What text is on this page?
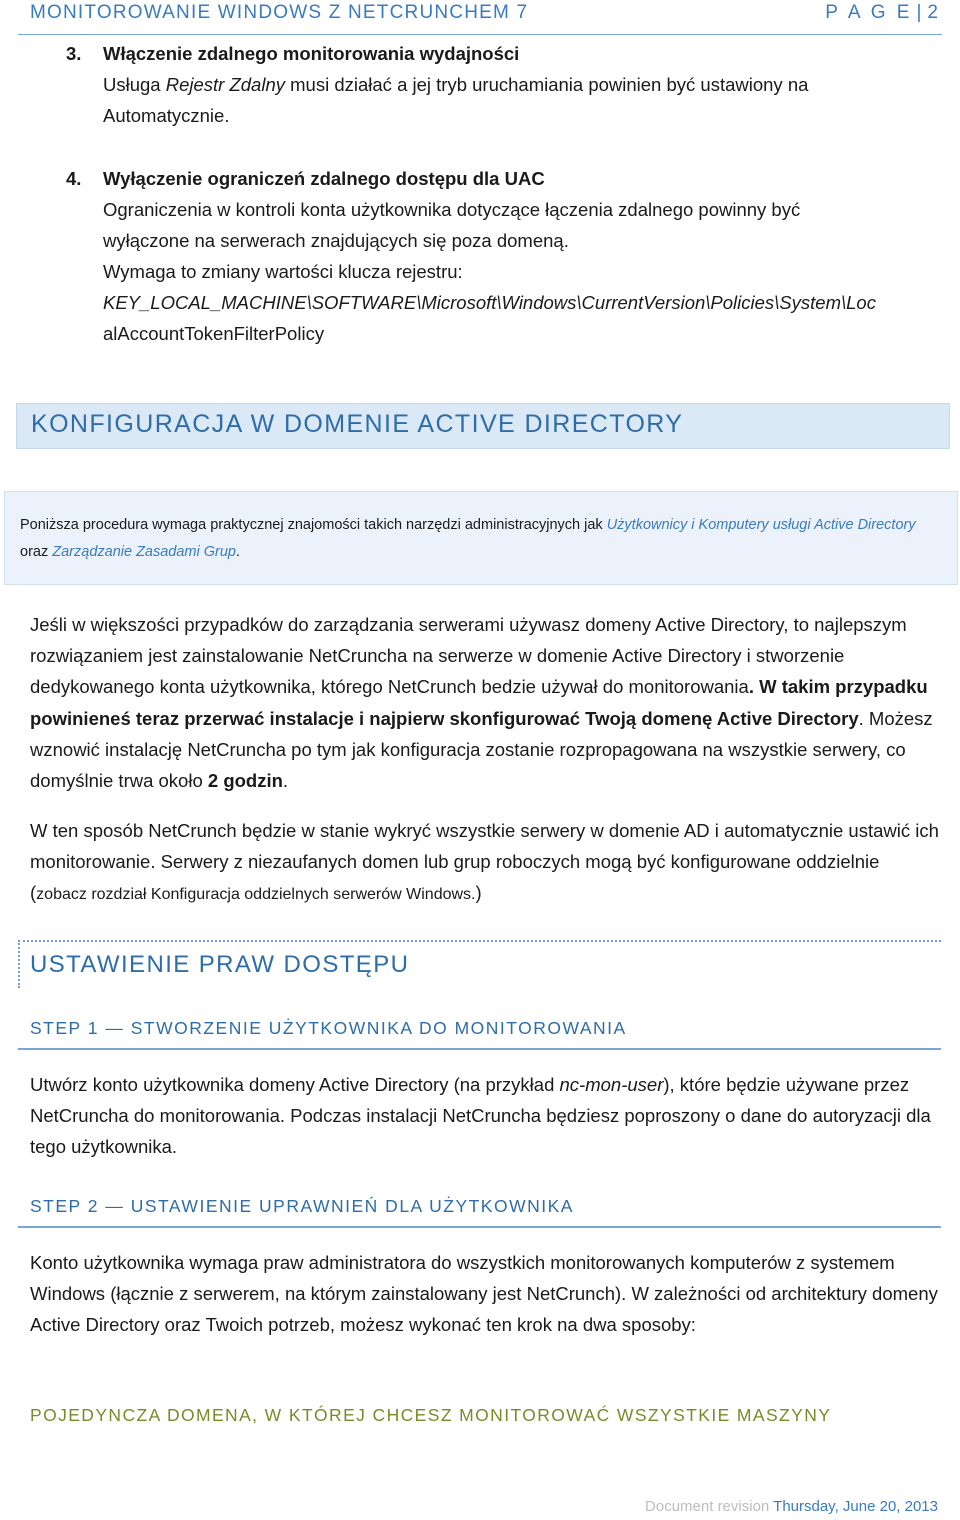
MONITOROWANIE WINDOWS Z NETCRUNCHEM 7	P A G E | 2
3. Włączenie zdalnego monitorowania wydajności
Usługa Rejestr Zdalny musi działać a jej tryb uruchamiania powinien być ustawiony na
Automatycznie.
4. Wyłączenie ograniczeń zdalnego dostępu dla UAC
Ograniczenia w kontroli konta użytkownika dotyczące łączenia zdalnego powinny być
wyłączone na serwerach znajdujących się poza domeną.
Wymaga to zmiany wartości klucza rejestru:
KEY_LOCAL_MACHINE\SOFTWARE\Microsoft\Windows\CurrentVersion\Policies\System\Loc
alAccountTokenFilterPolicy
KONFIGURACJA W DOMENIE ACTIVE DIRECTORY

Poniższa procedura wymaga praktycznej znajomości takich narzędzi administracyjnych jak Użytkownicy i Komputery usługi Active Directory oraz Zarządzanie Zasadami Grup.

Jeśli w większości przypadków do zarządzania serwerami używasz domeny Active Directory, to najlepszym rozwiązaniem jest zainstalowanie NetCruncha na serwerze w domenie Active Directory i stworzenie dedykowanego konta użytkownika, którego NetCrunch bedzie używał do monitorowania. W takim przypadku powinieneś teraz przerwać instalacje i najpierw skonfigurować Twoją domenę Active Directory. Możesz wznowić instalację NetCruncha po tym jak konfiguracja zostanie rozpropagowana na wszystkie serwery, co domyślnie trwa około 2 godzin.
W ten sposób NetCrunch będzie w stanie wykryć wszystkie serwery w domenie AD i automatycznie ustawić ich monitorowanie. Serwery z niezaufanych domen lub grup roboczych mogą być konfigurowane oddzielnie (zobacz rozdział Konfiguracja oddzielnych serwerów Windows.)
USTAWIENIE PRAW DOSTĘPU
STEP 1 — STWORZENIE UŻYTKOWNIKA DO MONITOROWANIA
Utwórz konto użytkownika domeny Active Directory (na przykład nc-mon-user), które będzie używane przez NetCruncha do monitorowania. Podczas instalacji NetCruncha będziesz poproszony o dane do autoryzacji dla tego użytkownika.
STEP 2 — USTAWIENIE UPRAWNIEŃ DLA UŻYTKOWNIKA
Konto użytkownika wymaga praw administratora do wszystkich monitorowanych komputerów z systemem Windows (łącznie z serwerem, na którym zainstalowany jest NetCrunch). W zależności od architektury domeny Active Directory oraz Twoich potrzeb, możesz wykonać ten krok na dwa sposoby:
POJEDYNCZA DOMENA, W KTÓREJ CHCESZ MONITOROWAĆ WSZYSTKIE MASZYNY
Document revision Thursday, June 20, 2013
